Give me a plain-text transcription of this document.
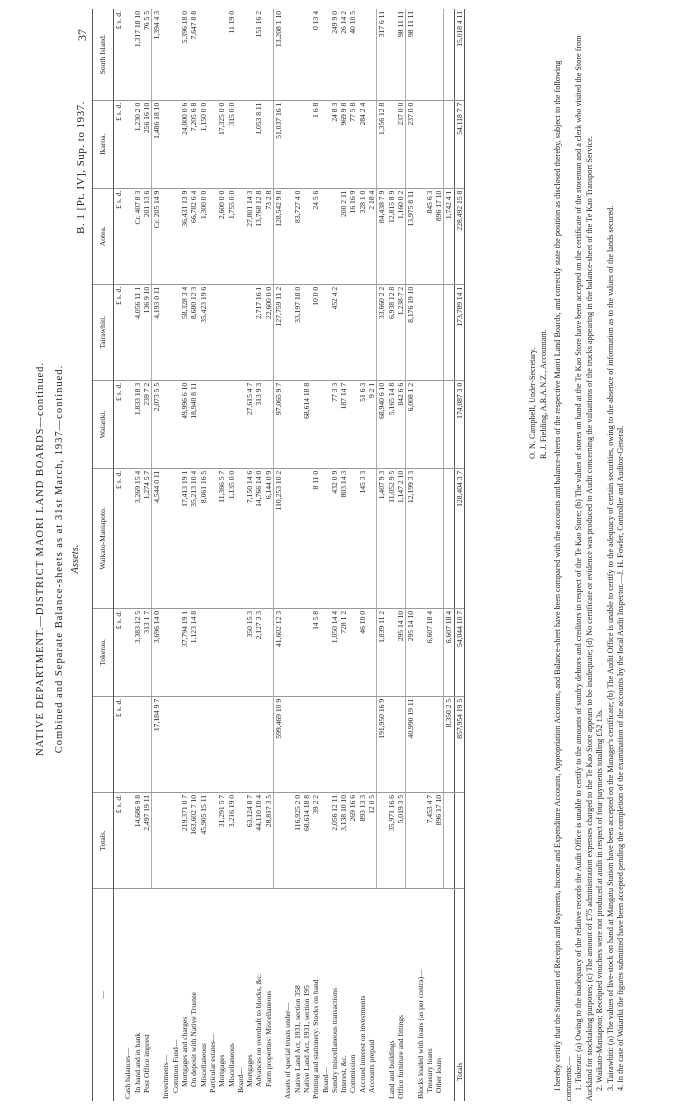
37
B. 1 [Pt. IV], Sup. to 1937.
NATIVE DEPARTMENT.—DISTRICT MAORI LAND BOARDS—continued. Combined and Separate Balance-sheets as at 31st March, 1937—continued. Assets.
—	Totals.		Tokerau.	Waikato-Maniapoto.	Waiariki.	Tairawhiti.	Aotea.	Ikaroa.	South Island.
	£ s. d.	£ s. d.	£ s. d.	£ s. d.	£ s. d.	£ s. d.	£ s. d.	£ s. d.	£ s. d.
Cash balances—									
In hand and in bank	14,686 9 8		3,383 12 5	3,269 15 4	1,833 18 3	4,056 11 1	Cr. 407 8 3	1,230 2 0	1,317 18 10
Post Office imprest	2,497 19 11		313 1 7	1,274 5 7	239 7 2	136 9 10	201 13 6	256 16 10	76 5 5
		17,184 9 7	3,696 14 0	4,544 0 11	2,073 5 5	4,193 0 11	Cr. 205 14 9	1,486 18 10	1,394 4 3
Investments—									
Common Fund—									
Mortgages and charges	219,371 0 7		37,794 19 1	17,413 19 1	49,996 6 10	58,328 3 4	36,431 13 9	24,000 0 6	5,396 18 0
On deposit with Native Trustee	163,602 7 10		1,123 14 8	35,213 10 4	18,940 8 11	8,680 12 3	66,782 6 4	7,205 6 8	7,647 8 8
Miscellaneous	45,905 15 11			8,061 16 5		35,423 19 6	1,300 0 0	1,150 0 0	
Particular estates—									
Mortgages	31,291 5 7			11,366 5 7			2,600 0 0	17,325 0 0	
Miscellaneous	3,216 19 0			1,135 0 0			1,755 0 0	315 0 0	11 19 0
Board—									
Mortgages	63,124 8 7		350 15 3	7,150 14 6	27,615 4 7		27,801 14 3		
Advances on overdraft to blocks, &c.	44,110 10 4		2,127 3 3	14,766 14 0	313 9 3	2,717 16 1	13,768 12 8	1,053 8 11	151 16 2
Farm properties: Miscellaneous	28,817 3 5			6,144 0 9		22,600 0 0	73 2 8		
		599,469 10 9	41,602 12 3	110,253 10 2	97,065 9 7	127,759 11 2	128,542 9 8	51,037 16 1	13,208 1 10
Assets of special trusts under—									
Native Land Act, 1931, section 358	116,925 2 0					33,197 18 0	83,727 4 0		
Native Land Act, 1931, section 195	68,614 18 8				68,614 18 8				
Printing and stationery: Stocks on hand	39 2 2		14 5 8	8 11 0		10 0 0	24 5 6	1 6 8	0 13 4
Board—									
Sundry miscellaneous transactions	2,056 12 11		1,050 14 4	432 0 9	77 3 3	452 4 2		24 8 3	249 9 0
Interest, &c.	3,138 10 10		728 1 2	803 14 3	187 14 7		200 2 11	969 9 8	26 14 2
Commission	269 16 6						16 16 9	77 5 8	40 10 5
Accrued interest on investments	893 13 3		46 10 0	145 3 3	51 6 3		328 1 0	284 2 4	
Accounts prepaid	12 0 5				9 2 1		2 18 4		
		191,950 16 9	1,839 11 2	1,407 9 3	68,940 6 10	33,660 2 2	84,438 7 9	1,356 12 8	317 6 11
Land and buildings	35,971 16 6			11,052 9 5	5,165 14 8	6,938 12 8	12,815 8 9		
Office furniture and fittings	5,019 3 5		295 14 10	1,147 2 10	842 6 6	1,238 7 2	1,160 0 2	237 0 0	98 11 11
		40,990 19 11	295 14 10	12,199 3 3	6,008 1 2	8,176 19 10	13,975 8 11	237 0 0	98 11 11
Blocks loaded with loans (as per contra)—									
Treasury loans	7,453 4 7		6,607 18 4				845 6 3		
Other loans	896 17 10						896 17 10		
		8,350 2 5	6,607 18 4				1,742 4 1		
Totals		857,954 19 5	54,044 10 7	128,404 3 7	174,087 3 0	173,789 14 1	228,492 15 8	54,118 7 7	15,018 4 11
O. N. Campbell, Under-Secretary. R. J. Fielding, A.R.A.N.Z., Accountant. I hereby certify that the Statement of Receipts and Payments, Income and Expenditure Accounts, Appropriation Accounts, and Balance-sheet have been compared with the accounts and balance-sheets of the respective Maori Land Boards, and correctly state the position as disclosed thereby, subject to the following comments:— 1. Tokerau: (a) Owing to the inadequacy of the relative records the Audit Office is unable to certify to the amounts of sundry debtors and creditors in respect of the Te Kao Store; (b) The values of stores on hand at the Te Kao Store have been accepted on the certificate of the storeman and a clerk who visited the Store from Auckland for stocktaking purposes; (c) The amount of £75 administration expenses charged to the Te Kao Store appears to be inadequate; (d) No certificate or evidence was produced to Audit concerning the valuations of the trucks appearing in the balance-sheet of the Te Kao Transport Service. 2. Waikato-Maniapoto: Receipted vouchers were not produced at audit in respect of four payments totalling £52 13s. 3. Tairawhiti: (a) The values of live-stock on hand at Mangatu Station have been accepted on the Manager's certificate; (b) The Audit Office is unable to certify to the adequacy of certain securities, owing to the absence of information as to the values of the lands secured. 4. In the case of Waiariki the figures submitted have been accepted pending the completion of the examination of the accounts by the local Audit Inspector.—J. H. Fowler, Controller and Auditor-General.
